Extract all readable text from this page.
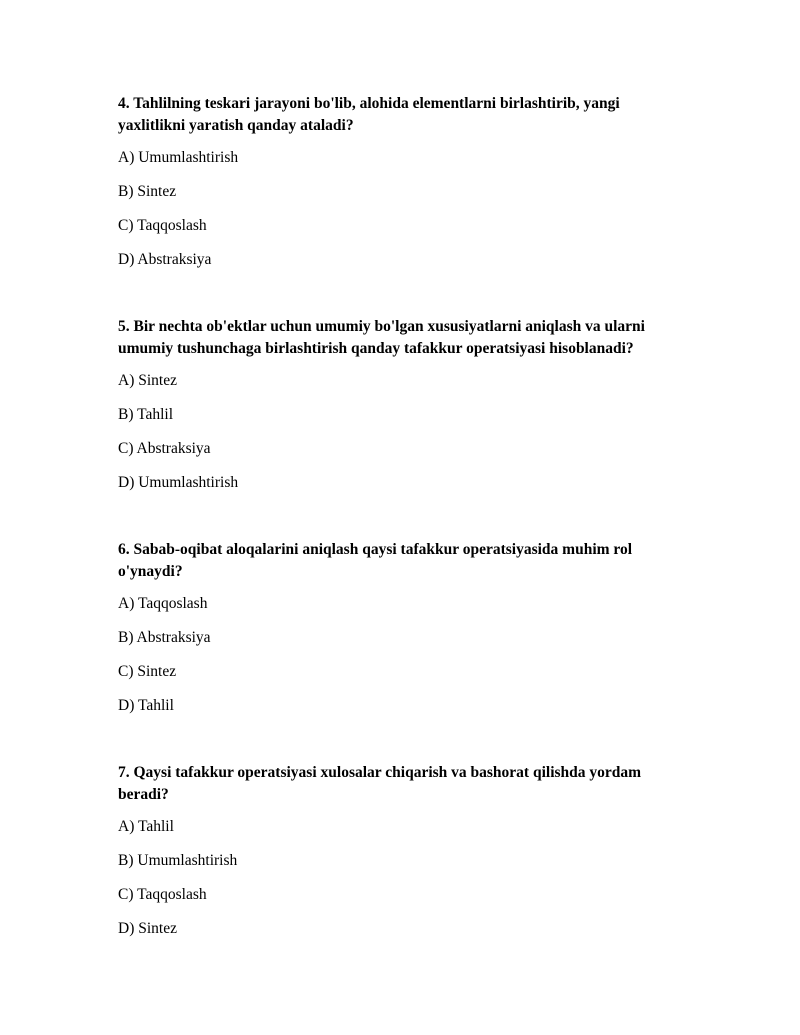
4. Tahlilning teskari jarayoni bo'lib, alohida elementlarni birlashtirib, yangi yaxlitlikni yaratish qanday ataladi?

A) Umumlashtirish

B) Sintez

C) Taqqoslash

D) Abstraksiya

5. Bir nechta ob'ektlar uchun umumiy bo'lgan xususiyatlarni aniqlash va ularni umumiy tushunchaga birlashtirish qanday tafakkur operatsiyasi hisoblanadi?

A) Sintez

B) Tahlil

C) Abstraksiya

D) Umumlashtirish

6. Sabab-oqibat aloqalarini aniqlash qaysi tafakkur operatsiyasida muhim rol o'ynaydi?

A) Taqqoslash

B) Abstraksiya

C) Sintez

D) Tahlil

7. Qaysi tafakkur operatsiyasi xulosalar chiqarish va bashorat qilishda yordam beradi?

A) Tahlil

B) Umumlashtirish

C) Taqqoslash

D) Sintez
